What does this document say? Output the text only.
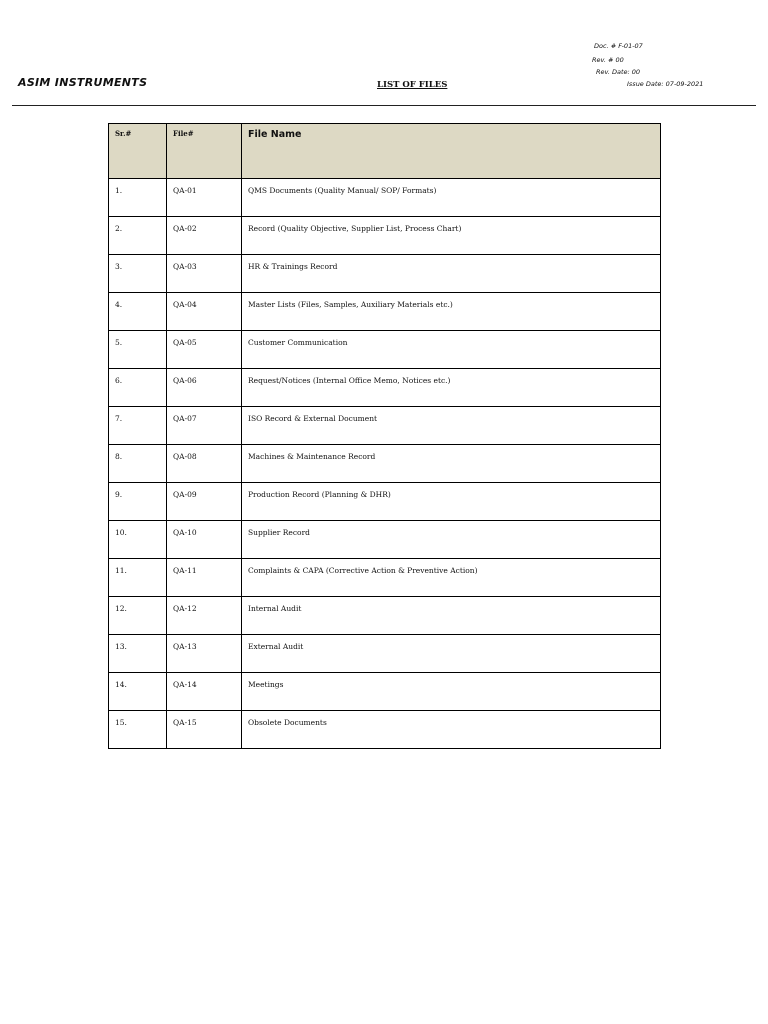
Doc. # F-01-07
Rev. # 00
Rev. Date: 00
Issue Date: 07-09-2021
ASIM INSTRUMENTS	LIST OF FILES
Sr.#	File#	File Name
1.	QA-01	QMS Documents (Quality Manual/ SOP/ Formats)
2.	QA-02	Record (Quality Objective, Supplier List, Process Chart)
3.	QA-03	HR & Trainings Record
4.	QA-04	Master Lists (Files, Samples, Auxiliary Materials etc.)
5.	QA-05	Customer Communication
6.	QA-06	Request/Notices (Internal Office Memo, Notices etc.)
7.	QA-07	ISO Record & External Document
8.	QA-08	Machines & Maintenance Record
9.	QA-09	Production Record (Planning & DHR)
10.	QA-10	Supplier Record
11.	QA-11	Complaints & CAPA (Corrective Action & Preventive Action)
12.	QA-12	Internal Audit
13.	QA-13	External Audit
14.	QA-14	Meetings
15.	QA-15	Obsolete Documents
